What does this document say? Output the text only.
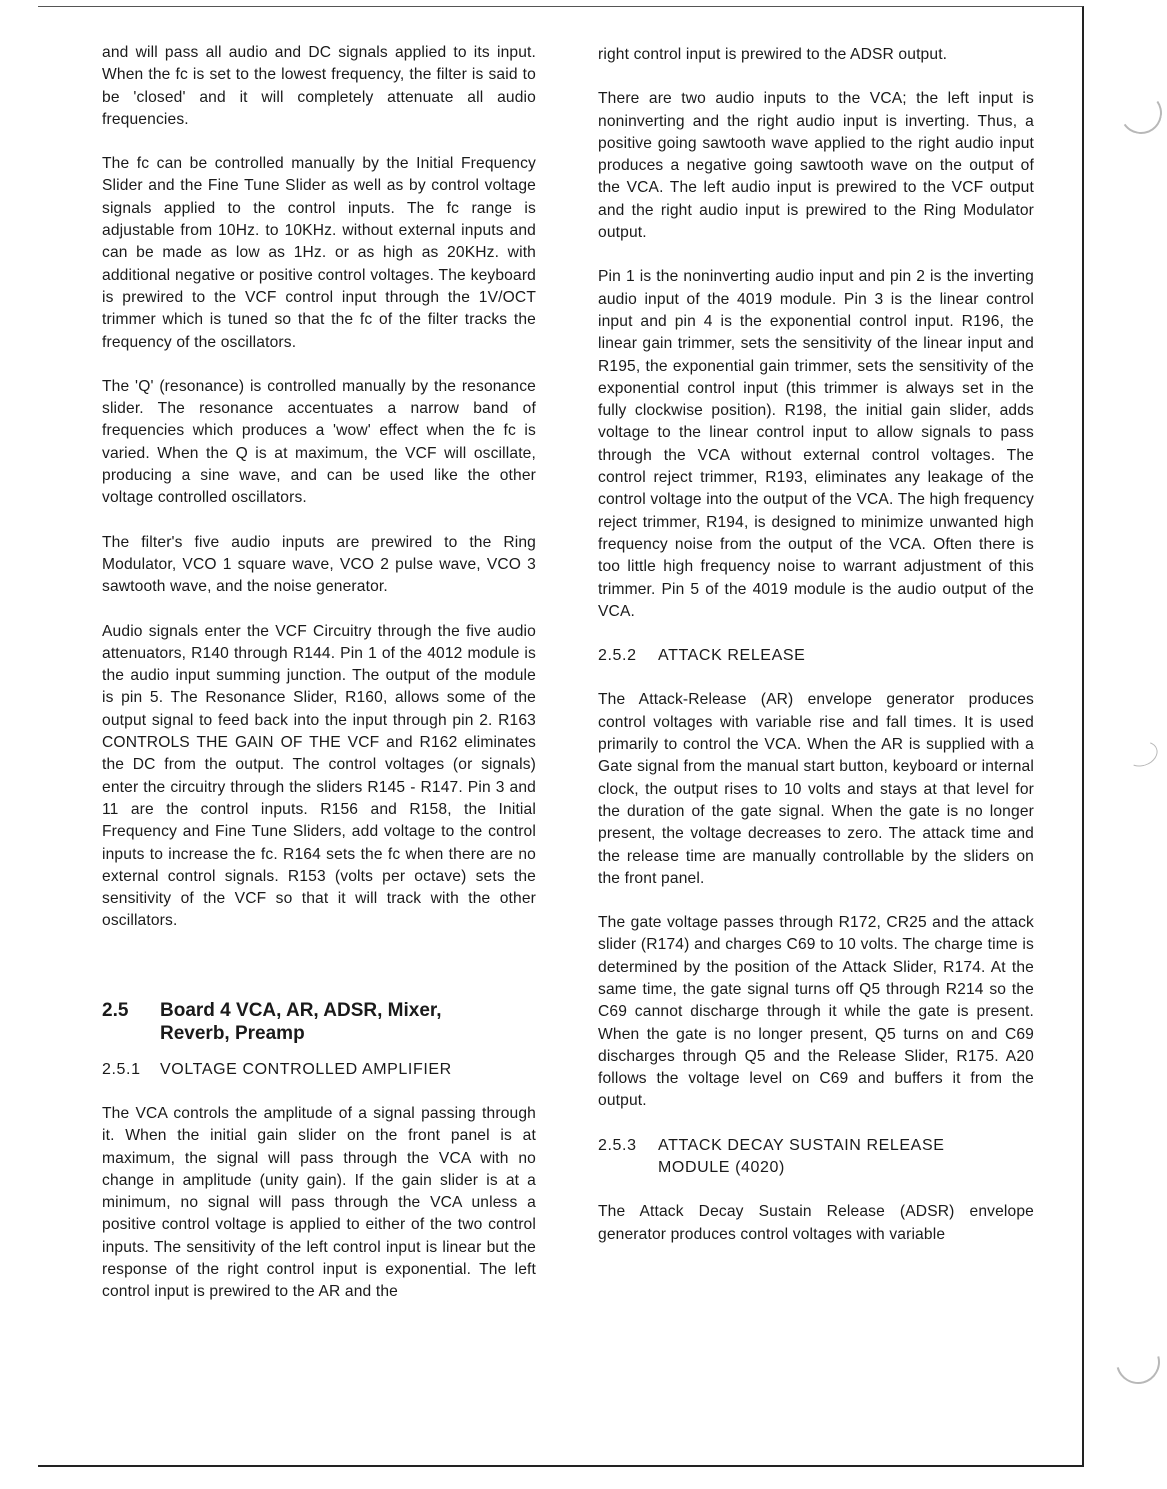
and will pass all audio and DC signals applied to its input. When the fc is set to the lowest frequency, the filter is said to be 'closed' and it will completely attenuate all audio frequencies.

The fc can be controlled manually by the Initial Frequency Slider and the Fine Tune Slider as well as by control voltage signals applied to the control inputs. The fc range is adjustable from 10Hz. to 10KHz. without external inputs and can be made as low as 1Hz. or as high as 20KHz. with additional negative or positive control voltages. The keyboard is prewired to the VCF control input through the 1V/OCT trimmer which is tuned so that the fc of the filter tracks the frequency of the oscillators.

The 'Q' (resonance) is controlled manually by the resonance slider. The resonance accentuates a narrow band of frequencies which produces a 'wow' effect when the fc is varied. When the Q is at maximum, the VCF will oscillate, producing a sine wave, and can be used like the other voltage controlled oscillators.

The filter's five audio inputs are prewired to the Ring Modulator, VCO 1 square wave, VCO 2 pulse wave, VCO 3 sawtooth wave, and the noise generator.

Audio signals enter the VCF Circuitry through the five audio attenuators, R140 through R144. Pin 1 of the 4012 module is the audio input summing junction. The output of the module is pin 5. The Resonance Slider, R160, allows some of the output signal to feed back into the input through pin 2. R163 CONTROLS THE GAIN OF THE VCF and R162 eliminates the DC from the output. The control voltages (or signals) enter the circuitry through the sliders R145 - R147. Pin 3 and 11 are the control inputs. R156 and R158, the Initial Frequency and Fine Tune Sliders, add voltage to the control inputs to increase the fc. R164 sets the fc when there are no external control signals. R153 (volts per octave) sets the sensitivity of the VCF so that it will track with the other oscillators.

2.5	Board 4 VCA, AR, ADSR, Mixer,
Reverb, Preamp
2.5.1	VOLTAGE CONTROLLED AMPLIFIER

The VCA controls the amplitude of a signal passing through it. When the initial gain slider on the front panel is at maximum, the signal will pass through the VCA with no change in amplitude (unity gain). If the gain slider is at a minimum, no signal will pass through the VCA unless a positive control voltage is applied to either of the two control inputs. The sensitivity of the left control input is linear but the response of the right control input is exponential. The left control input is prewired to the AR and the

right control input is prewired to the ADSR output.

There are two audio inputs to the VCA; the left input is noninverting and the right audio input is inverting. Thus, a positive going sawtooth wave applied to the right audio input produces a negative going sawtooth wave on the output of the VCA. The left audio input is prewired to the VCF output and the right audio input is prewired to the Ring Modulator output.

Pin 1 is the noninverting audio input and pin 2 is the inverting audio input of the 4019 module. Pin 3 is the linear control input and pin 4 is the exponential control input. R196, the linear gain trimmer, sets the sensitivity of the linear input and R195, the exponential gain trimmer, sets the sensitivity of the exponential control input (this trimmer is always set in the fully clockwise position). R198, the initial gain slider, adds voltage to the linear control input to allow signals to pass through the VCA without external control voltages. The control reject trimmer, R193, eliminates any leakage of the control voltage into the output of the VCA. The high frequency reject trimmer, R194, is designed to minimize unwanted high frequency noise from the output of the VCA. Often there is too little high frequency noise to warrant adjustment of this trimmer. Pin 5 of the 4019 module is the audio output of the VCA.

2.5.2	ATTACK RELEASE

The Attack-Release (AR) envelope generator produces control voltages with variable rise and fall times. It is used primarily to control the VCA. When the AR is supplied with a Gate signal from the manual start button, keyboard or internal clock, the output rises to 10 volts and stays at that level for the duration of the gate signal. When the gate is no longer present, the voltage decreases to zero. The attack time and the release time are manually controllable by the sliders on the front panel.

The gate voltage passes through R172, CR25 and the attack slider (R174) and charges C69 to 10 volts. The charge time is determined by the position of the Attack Slider, R174. At the same time, the gate signal turns off Q5 through R214 so the C69 cannot discharge through it while the gate is present. When the gate is no longer present, Q5 turns on and C69 discharges through Q5 and the Release Slider, R175. A20 follows the voltage level on C69 and buffers it from the output.

2.5.3	ATTACK DECAY SUSTAIN RELEASE
MODULE (4020)

The Attack Decay Sustain Release (ADSR) envelope generator produces control voltages with variable
